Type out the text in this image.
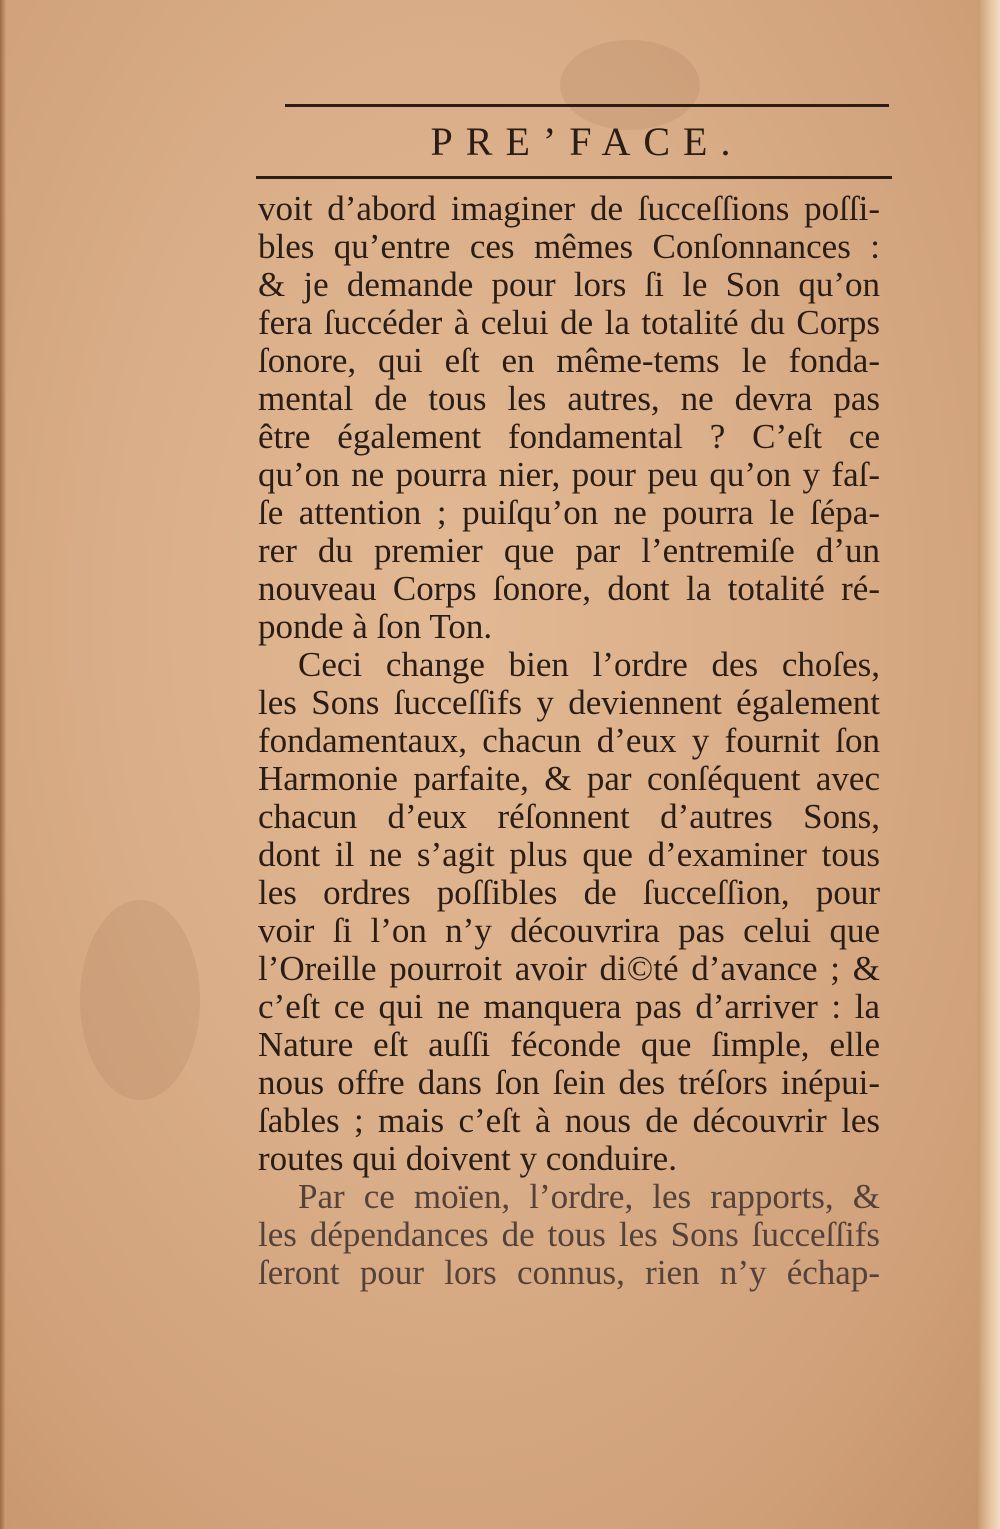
PRE’FACE.
voit d’abord imaginer de ſucceſſions poſſi-
bles qu’entre ces mêmes Conſonnances :
& je demande pour lors ſi le Son qu’on
fera ſuccéder à celui de la totalité du Corps
ſonore, qui eſt en même-tems le fonda-
mental de tous les autres, ne devra pas
être également fondamental ? C’eſt ce
qu’on ne pourra nier, pour peu qu’on y faſ-
ſe attention ; puiſqu’on ne pourra le ſépa-
rer du premier que par l’entremiſe d’un
nouveau Corps ſonore, dont la totalité ré-
ponde à ſon Ton.
Ceci change bien l’ordre des choſes,
les Sons ſucceſſifs y deviennent également
fondamentaux, chacun d’eux y fournit ſon
Harmonie parfaite, & par conſéquent avec
chacun d’eux réſonnent d’autres Sons,
dont il ne s’agit plus que d’examiner tous
les ordres poſſibles de ſucceſſion, pour
voir ſi l’on n’y découvrira pas celui que
l’Oreille pourroit avoir di©té d’avance ; &
c’eſt ce qui ne manquera pas d’arriver : la
Nature eſt auſſi féconde que ſimple, elle
nous offre dans ſon ſein des tréſors inépui-
ſables ; mais c’eſt à nous de découvrir les
routes qui doivent y conduire.
Par ce moïen, l’ordre, les rapports, &
les dépendances de tous les Sons ſucceſſifs
ſeront pour lors connus, rien n’y échap-
